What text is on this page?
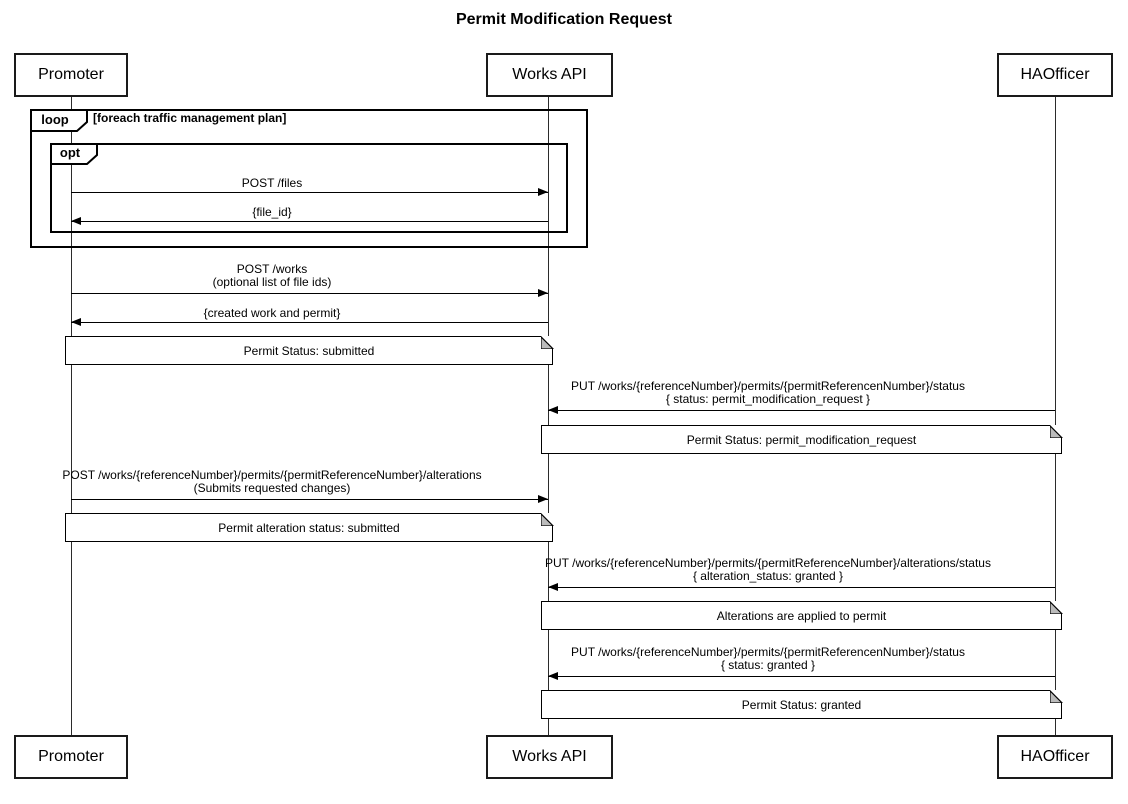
Permit Modification Request
loop	[foreach traffic management plan]
opt
POST /files
{file_id}
POST /works
(optional list of file ids)
{created work and permit}
Permit Status: submitted
PUT /works/{referenceNumber}/permits/{permitReferencenNumber}/status
{ status: permit_modification_request }
Permit Status: permit_modification_request
POST /works/{referenceNumber}/permits/{permitReferenceNumber}/alterations
(Submits requested changes)
Permit alteration status: submitted
PUT /works/{referenceNumber}/permits/{permitReferenceNumber}/alterations/status
{ alteration_status: granted }
Alterations are applied to permit
PUT /works/{referenceNumber}/permits/{permitReferencenNumber}/status
{ status: granted }
Permit Status: granted
Promoter	Works API	HAOfficer
Promoter	Works API	HAOfficer
